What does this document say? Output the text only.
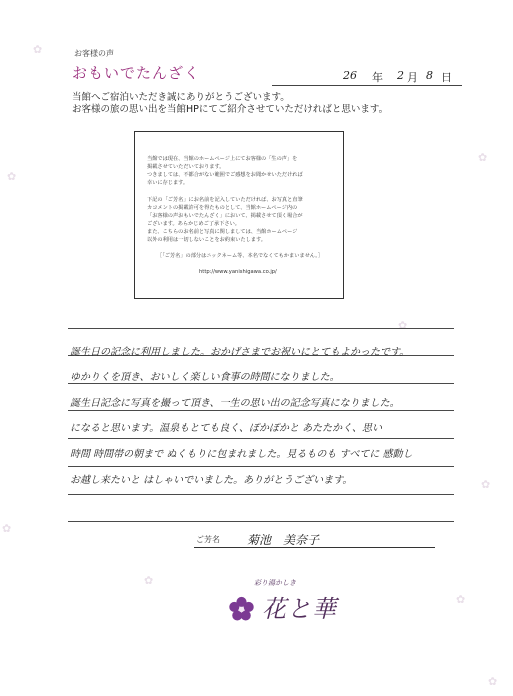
✿
✿
✿
✿
✿
✿
✿
✿
✿
お客様の声
おもいでたんざく	26 年 2 月 8 日
当館へご宿泊いただき誠にありがとうございます。
お客様の旅の思い出を当館HPにてご紹介させていただければと思います。
当館では現在、当館のホームページ上にてお客様の「生の声」を
掲載させていただいております。
つきましては、不都合がない範囲でご感想をお聞かせいただければ
幸いに存じます。
下記の「ご芳名」にお名前を記入していただければ、お写真と直筆
カコメントの掲載許可を得たものとして、当館ホームページ内の
「お客様の声おもいでたんざく」において、掲載させて頂く場合が
ございます。あらかじめご了承下さい。
また、こちらのお名前と写真に関しましては、当館ホームページ
以外の利用は一切しないことをお約束いたします。
［「ご芳名」の部分はニックネーム等、本名でなくてもかまいません。］
http://www.yanishigawa.co.jp/
誕生日の記念に利用しました。おかげさまでお祝いにとてもよかったです。
ゆかりくを頂き、おいしく楽しい食事の時間になりました。
誕生日記念に写真を撮って頂き、一生の思い出の記念写真になりました。
になると思います。温泉もとても良く、ぽかぽかと あたたかく、思い
時間 時間帯の朝まで ぬくもりに包まれました。見るものも すべてに 感動し
お越し来たいと はしゃいでいました。ありがとうございます。
ご芳名 菊池　美奈子
彩り湯かしき
花と華
